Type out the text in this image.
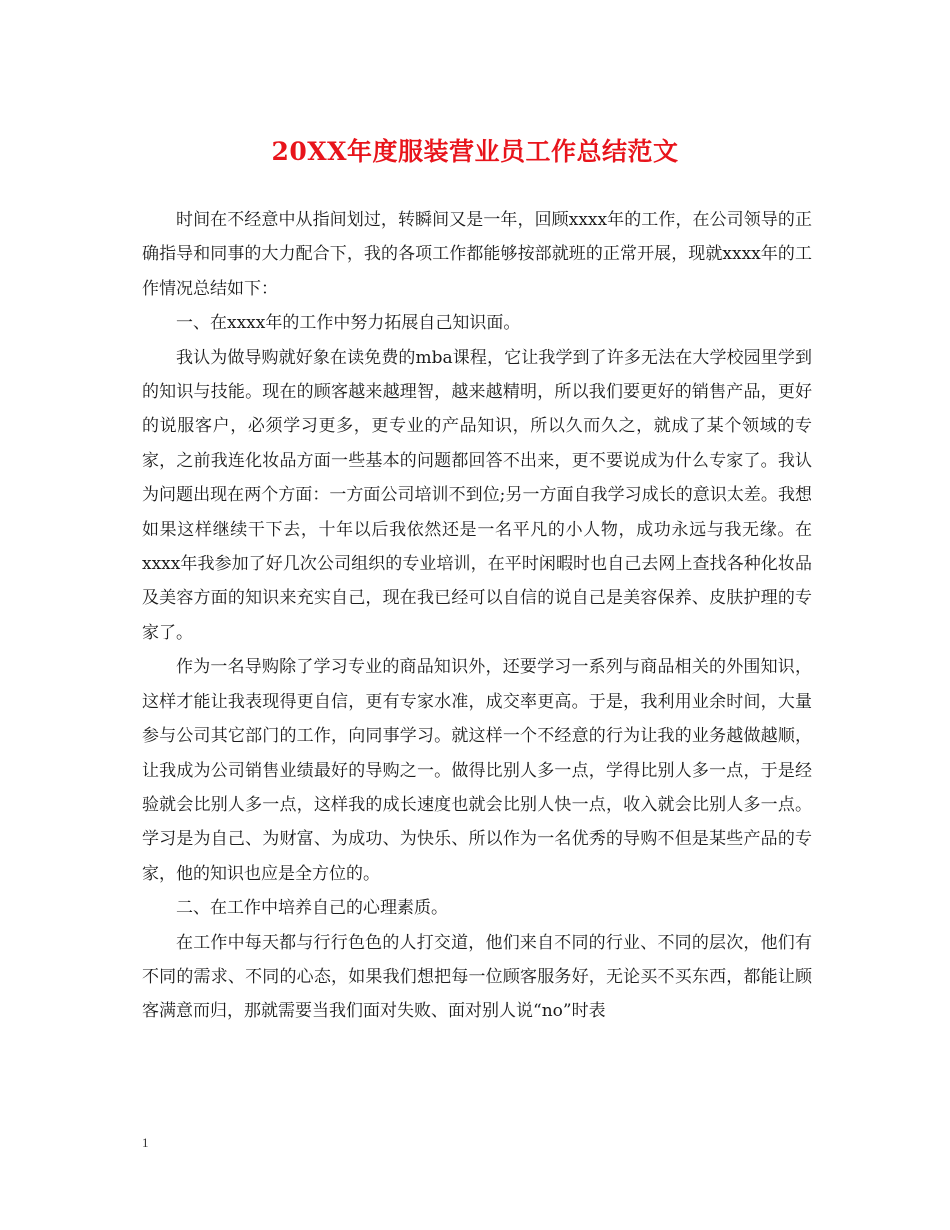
20XX年度服装营业员工作总结范文

时间在不经意中从指间划过，转瞬间又是一年，回顾xxxx年的工作，在公司领导的正确指导和同事的大力配合下，我的各项工作都能够按部就班的正常开展，现就xxxx年的工作情况总结如下：

一、在xxxx年的工作中努力拓展自己知识面。

我认为做导购就好象在读免费的mba课程，它让我学到了许多无法在大学校园里学到的知识与技能。现在的顾客越来越理智，越来越精明，所以我们要更好的销售产品，更好的说服客户，必须学习更多，更专业的产品知识，所以久而久之，就成了某个领域的专家，之前我连化妆品方面一些基本的问题都回答不出来，更不要说成为什么专家了。我认为问题出现在两个方面：一方面公司培训不到位;另一方面自我学习成长的意识太差。我想如果这样继续干下去，十年以后我依然还是一名平凡的小人物，成功永远与我无缘。在xxxx年我参加了好几次公司组织的专业培训，在平时闲暇时也自己去网上查找各种化妆品及美容方面的知识来充实自己，现在我已经可以自信的说自己是美容保养、皮肤护理的专家了。

作为一名导购除了学习专业的商品知识外，还要学习一系列与商品相关的外围知识，这样才能让我表现得更自信，更有专家水准，成交率更高。于是，我利用业余时间，大量参与公司其它部门的工作，向同事学习。就这样一个不经意的行为让我的业务越做越顺，让我成为公司销售业绩最好的导购之一。做得比别人多一点，学得比别人多一点，于是经验就会比别人多一点，这样我的成长速度也就会比别人快一点，收入就会比别人多一点。学习是为自己、为财富、为成功、为快乐、所以作为一名优秀的导购不但是某些产品的专家，他的知识也应是全方位的。

二、在工作中培养自己的心理素质。

在工作中每天都与行行色色的人打交道，他们来自不同的行业、不同的层次，他们有不同的需求、不同的心态，如果我们想把每一位顾客服务好，无论买不买东西，都能让顾客满意而归，那就需要当我们面对失败、面对别人说“no”时表

1
